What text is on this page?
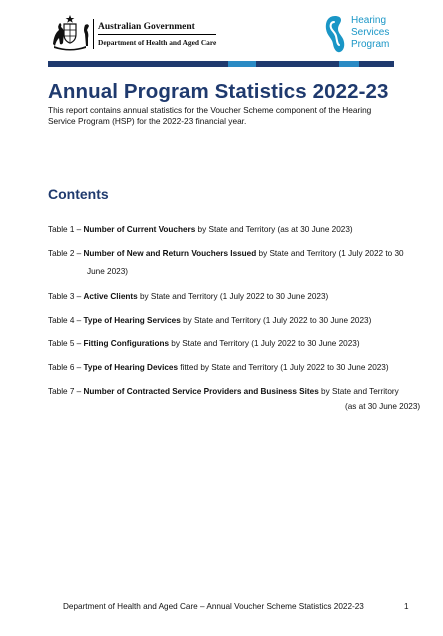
Australian Government
Department of Health and Aged Care
Hearing
Services
Program
Annual Program Statistics 2022-23
This report contains annual statistics for the Voucher Scheme component of the Hearing Service Program (HSP) for the 2022-23 financial year.
Contents
Table 1 – Number of Current Vouchers by State and Territory (as at 30 June 2023)
Table 2 – Number of New and Return Vouchers Issued by State and Territory (1 July 2022 to 30
June 2023)
Table 3 – Active Clients by State and Territory (1 July 2022 to 30 June 2023)
Table 4 – Type of Hearing Services by State and Territory (1 July 2022 to 30 June 2023)
Table 5 – Fitting Configurations by State and Territory (1 July 2022 to 30 June 2023)
Table 6 – Type of Hearing Devices fitted by State and Territory (1 July 2022 to 30 June 2023)
Table 7 – Number of Contracted Service Providers and Business Sites by State and Territory
(as at 30 June 2023)
Department of Health and Aged Care – Annual Voucher Scheme Statistics 2022-23	1
